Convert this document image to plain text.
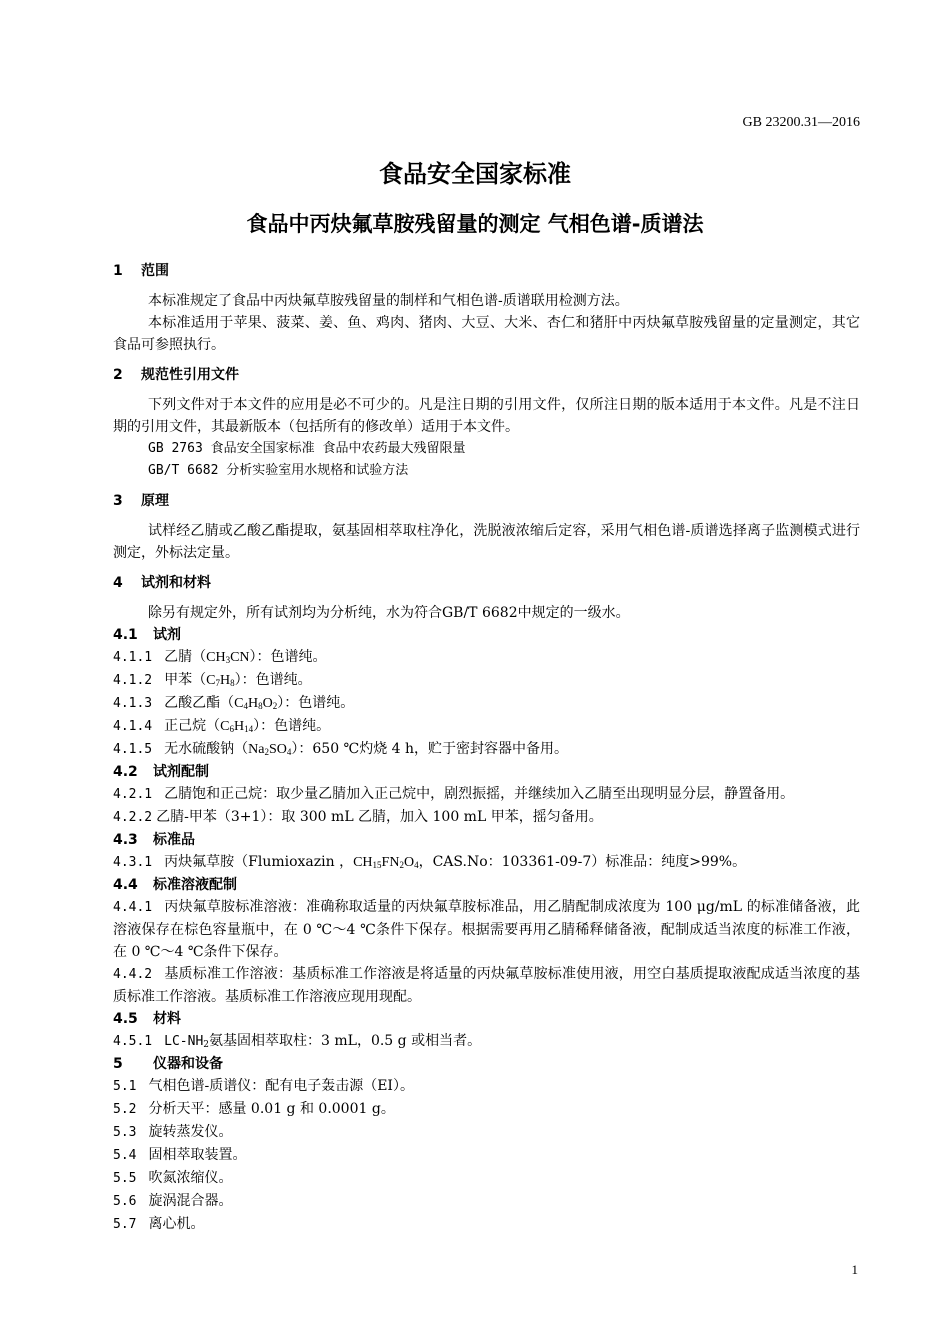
GB 23200.31—2016
食品安全国家标准
食品中丙炔氟草胺残留量的测定 气相色谱-质谱法
1 范围

本标准规定了食品中丙炔氟草胺残留量的制样和气相色谱-质谱联用检测方法。

本标准适用于苹果、菠菜、姜、鱼、鸡肉、猪肉、大豆、大米、杏仁和猪肝中丙炔氟草胺残留量的定量测定，其它食品可参照执行。

2 规范性引用文件

下列文件对于本文件的应用是必不可少的。凡是注日期的引用文件，仅所注日期的版本适用于本文件。凡是不注日期的引用文件，其最新版本（包括所有的修改单）适用于本文件。

GB 2763 食品安全国家标准 食品中农药最大残留限量

GB/T 6682 分析实验室用水规格和试验方法

3 原理

试样经乙腈或乙酸乙酯提取，氨基固相萃取柱净化，洗脱液浓缩后定容，采用气相色谱-质谱选择离子监测模式进行测定，外标法定量。

4 试剂和材料

除另有规定外，所有试剂均为分析纯，水为符合GB/T 6682中规定的一级水。

4.1 试剂

4.1.1 乙腈$(CH_3CN)$：色谱纯。

4.1.2 甲苯$(C_7H_8)$：色谱纯。

4.1.3 乙酸乙酯$(C_4H_8O_2)$：色谱纯。

4.1.4 正己烷$(C_6H_{14})$：色谱纯。

4.1.5 无水硫酸钠$(Na_2SO_4)$：650 ℃灼烧 4 h，贮于密封容器中备用。

4.2 试剂配制

4.2.1 乙腈饱和正己烷：取少量乙腈加入正己烷中，剧烈振摇，并继续加入乙腈至出现明显分层，静置备用。

4.2.2 乙腈-甲苯（3+1）：取 300 mL 乙腈，加入 100 mL 甲苯，摇匀备用。

4.3 标准品

4.3.1 丙炔氟草胺（Flumioxazin ，$CH_{15}FN_2O_4$，CAS.No：103361-09-7）标准品：纯度>99%。

4.4 标准溶液配制

4.4.1 丙炔氟草胺标准溶液：准确称取适量的丙炔氟草胺标准品，用乙腈配制成浓度为 100 μg/mL 的标准储备液，此溶液保存在棕色容量瓶中，在 0 ℃～4 ℃条件下保存。根据需要再用乙腈稀释储备液，配制成适当浓度的标准工作液，在 0 ℃～4 ℃条件下保存。

4.4.2 基质标准工作溶液：基质标准工作溶液是将适量的丙炔氟草胺标准使用液，用空白基质提取液配成适当浓度的基质标准工作溶液。基质标准工作溶液应现用现配。

4.5 材料

4.5.1 $LC-NH_2$氨基固相萃取柱：3 mL，0.5 g 或相当者。

5 仪器和设备

5.1 气相色谱-质谱仪：配有电子轰击源（EI）。

5.2 分析天平：感量 0.01 g 和 0.0001 g。

5.3 旋转蒸发仪。

5.4 固相萃取装置。

5.5 吹氮浓缩仪。

5.6 旋涡混合器。

5.7 离心机。

1
